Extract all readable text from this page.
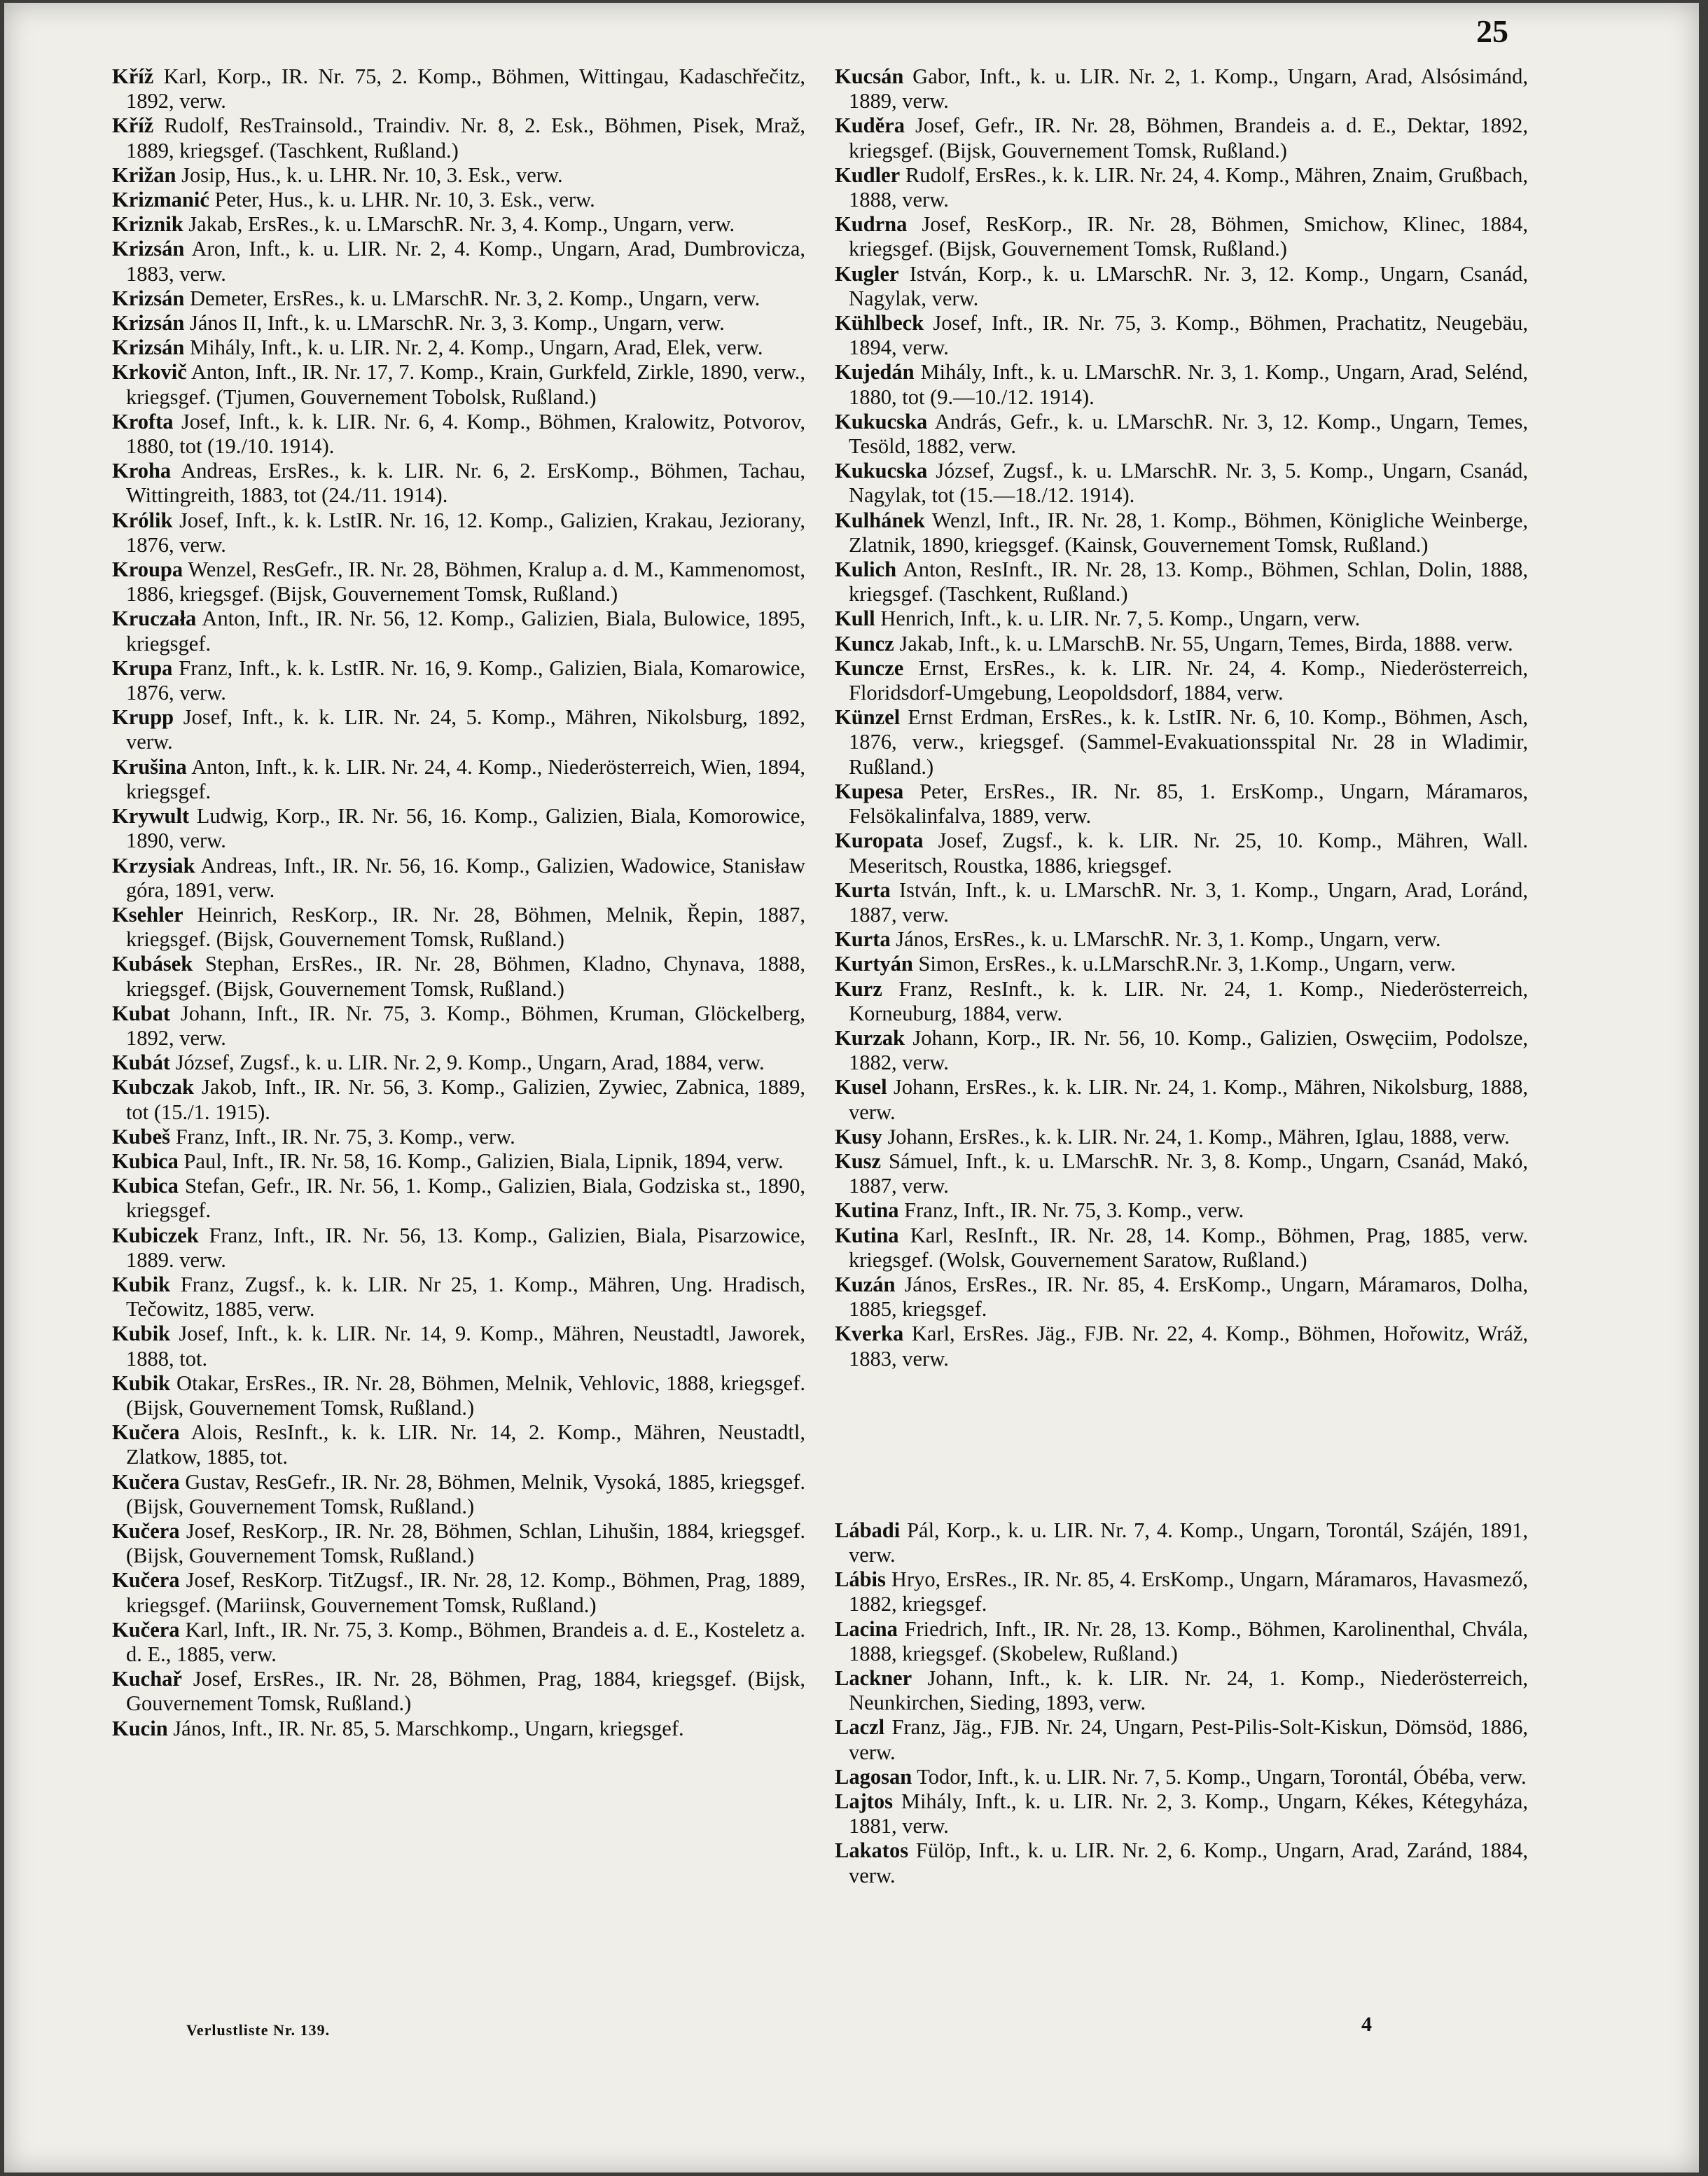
25

Kříž Karl, Korp., IR. Nr. 75, 2. Komp., Böhmen, Wittingau, Kadaschřečitz, 1892, verw.

Kříž Rudolf, ResTrainsold., Traindiv. Nr. 8, 2. Esk., Böhmen, Pisek, Mraž, 1889, kriegsgef. (Taschkent, Rußland.)

Križan Josip, Hus., k. u. LHR. Nr. 10, 3. Esk., verw.

Krizmanić Peter, Hus., k. u. LHR. Nr. 10, 3. Esk., verw.

Kriznik Jakab, ErsRes., k. u. LMarschR. Nr. 3, 4. Komp., Ungarn, verw.

Krizsán Aron, Inft., k. u. LIR. Nr. 2, 4. Komp., Ungarn, Arad, Dumbrovicza, 1883, verw.

Krizsán Demeter, ErsRes., k. u. LMarschR. Nr. 3, 2. Komp., Ungarn, verw.

Krizsán János II, Inft., k. u. LMarschR. Nr. 3, 3. Komp., Ungarn, verw.

Krizsán Mihály, Inft., k. u. LIR. Nr. 2, 4. Komp., Ungarn, Arad, Elek, verw.

Krkovič Anton, Inft., IR. Nr. 17, 7. Komp., Krain, Gurkfeld, Zirkle, 1890, verw., kriegsgef. (Tjumen, Gouvernement Tobolsk, Rußland.)

Krofta Josef, Inft., k. k. LIR. Nr. 6, 4. Komp., Böhmen, Kralowitz, Potvorov, 1880, tot (19./10. 1914).

Kroha Andreas, ErsRes., k. k. LIR. Nr. 6, 2. ErsKomp., Böhmen, Tachau, Wittingreith, 1883, tot (24./11. 1914).

Królik Josef, Inft., k. k. LstIR. Nr. 16, 12. Komp., Galizien, Krakau, Jeziorany, 1876, verw.

Kroupa Wenzel, ResGefr., IR. Nr. 28, Böhmen, Kralup a. d. M., Kammenomost, 1886, kriegsgef. (Bijsk, Gouvernement Tomsk, Rußland.)

Kruczała Anton, Inft., IR. Nr. 56, 12. Komp., Galizien, Biala, Bulowice, 1895, kriegsgef.

Krupa Franz, Inft., k. k. LstIR. Nr. 16, 9. Komp., Galizien, Biala, Komarowice, 1876, verw.

Krupp Josef, Inft., k. k. LIR. Nr. 24, 5. Komp., Mähren, Nikolsburg, 1892, verw.

Krušina Anton, Inft., k. k. LIR. Nr. 24, 4. Komp., Niederösterreich, Wien, 1894, kriegsgef.

Krywult Ludwig, Korp., IR. Nr. 56, 16. Komp., Galizien, Biala, Komorowice, 1890, verw.

Krzysiak Andreas, Inft., IR. Nr. 56, 16. Komp., Galizien, Wadowice, Stanisław góra, 1891, verw.

Ksehler Heinrich, ResKorp., IR. Nr. 28, Böhmen, Melnik, Řepin, 1887, kriegsgef. (Bijsk, Gouvernement Tomsk, Rußland.)

Kubásek Stephan, ErsRes., IR. Nr. 28, Böhmen, Kladno, Chynava, 1888, kriegsgef. (Bijsk, Gouvernement Tomsk, Rußland.)

Kubat Johann, Inft., IR. Nr. 75, 3. Komp., Böhmen, Kruman, Glöckelberg, 1892, verw.

Kubát József, Zugsf., k. u. LIR. Nr. 2, 9. Komp., Ungarn, Arad, 1884, verw.

Kubczak Jakob, Inft., IR. Nr. 56, 3. Komp., Galizien, Zywiec, Zabnica, 1889, tot (15./1. 1915).

Kubeš Franz, Inft., IR. Nr. 75, 3. Komp., verw.

Kubica Paul, Inft., IR. Nr. 58, 16. Komp., Galizien, Biala, Lipnik, 1894, verw.

Kubica Stefan, Gefr., IR. Nr. 56, 1. Komp., Galizien, Biala, Godziska st., 1890, kriegsgef.

Kubiczek Franz, Inft., IR. Nr. 56, 13. Komp., Galizien, Biala, Pisarzowice, 1889. verw.

Kubik Franz, Zugsf., k. k. LIR. Nr 25, 1. Komp., Mähren, Ung. Hradisch, Tečowitz, 1885, verw.

Kubik Josef, Inft., k. k. LIR. Nr. 14, 9. Komp., Mähren, Neustadtl, Jaworek, 1888, tot.

Kubik Otakar, ErsRes., IR. Nr. 28, Böhmen, Melnik, Vehlovic, 1888, kriegsgef. (Bijsk, Gouvernement Tomsk, Rußland.)

Kučera Alois, ResInft., k. k. LIR. Nr. 14, 2. Komp., Mähren, Neustadtl, Zlatkow, 1885, tot.

Kučera Gustav, ResGefr., IR. Nr. 28, Böhmen, Melnik, Vysoká, 1885, kriegsgef. (Bijsk, Gouvernement Tomsk, Rußland.)

Kučera Josef, ResKorp., IR. Nr. 28, Böhmen, Schlan, Lihušin, 1884, kriegsgef. (Bijsk, Gouvernement Tomsk, Rußland.)

Kučera Josef, ResKorp. TitZugsf., IR. Nr. 28, 12. Komp., Böhmen, Prag, 1889, kriegsgef. (Mariinsk, Gouvernement Tomsk, Rußland.)

Kučera Karl, Inft., IR. Nr. 75, 3. Komp., Böhmen, Brandeis a. d. E., Kosteletz a. d. E., 1885, verw.

Kuchař Josef, ErsRes., IR. Nr. 28, Böhmen, Prag, 1884, kriegsgef. (Bijsk, Gouvernement Tomsk, Rußland.)

Kucin János, Inft., IR. Nr. 85, 5. Marschkomp., Ungarn, kriegsgef.

Kucsán Gabor, Inft., k. u. LIR. Nr. 2, 1. Komp., Ungarn, Arad, Alsósimánd, 1889, verw.

Kuděra Josef, Gefr., IR. Nr. 28, Böhmen, Brandeis a. d. E., Dektar, 1892, kriegsgef. (Bijsk, Gouvernement Tomsk, Rußland.)

Kudler Rudolf, ErsRes., k. k. LIR. Nr. 24, 4. Komp., Mähren, Znaim, Grußbach, 1888, verw.

Kudrna Josef, ResKorp., IR. Nr. 28, Böhmen, Smichow, Klinec, 1884, kriegsgef. (Bijsk, Gouvernement Tomsk, Rußland.)

Kugler István, Korp., k. u. LMarschR. Nr. 3, 12. Komp., Ungarn, Csanád, Nagylak, verw.

Kühlbeck Josef, Inft., IR. Nr. 75, 3. Komp., Böhmen, Prachatitz, Neugebäu, 1894, verw.

Kujedán Mihály, Inft., k. u. LMarschR. Nr. 3, 1. Komp., Ungarn, Arad, Selénd, 1880, tot (9.—10./12. 1914).

Kukucska András, Gefr., k. u. LMarschR. Nr. 3, 12. Komp., Ungarn, Temes, Tesöld, 1882, verw.

Kukucska József, Zugsf., k. u. LMarschR. Nr. 3, 5. Komp., Ungarn, Csanád, Nagylak, tot (15.—18./12. 1914).

Kulhánek Wenzl, Inft., IR. Nr. 28, 1. Komp., Böhmen, Königliche Weinberge, Zlatnik, 1890, kriegsgef. (Kainsk, Gouvernement Tomsk, Rußland.)

Kulich Anton, ResInft., IR. Nr. 28, 13. Komp., Böhmen, Schlan, Dolin, 1888, kriegsgef. (Taschkent, Rußland.)

Kull Henrich, Inft., k. u. LIR. Nr. 7, 5. Komp., Ungarn, verw.

Kuncz Jakab, Inft., k. u. LMarschB. Nr. 55, Ungarn, Temes, Birda, 1888. verw.

Kuncze Ernst, ErsRes., k. k. LIR. Nr. 24, 4. Komp., Niederösterreich, Floridsdorf-Umgebung, Leopoldsdorf, 1884, verw.

Künzel Ernst Erdman, ErsRes., k. k. LstIR. Nr. 6, 10. Komp., Böhmen, Asch, 1876, verw., kriegsgef. (Sammel-Evakuationsspital Nr. 28 in Wladimir, Rußland.)

Kupesa Peter, ErsRes., IR. Nr. 85, 1. ErsKomp., Ungarn, Máramaros, Felsökalinfalva, 1889, verw.

Kuropata Josef, Zugsf., k. k. LIR. Nr. 25, 10. Komp., Mähren, Wall. Meseritsch, Roustka, 1886, kriegsgef.

Kurta István, Inft., k. u. LMarschR. Nr. 3, 1. Komp., Ungarn, Arad, Loránd, 1887, verw.

Kurta János, ErsRes., k. u. LMarschR. Nr. 3, 1. Komp., Ungarn, verw.

Kurtyán Simon, ErsRes., k. u.LMarschR.Nr. 3, 1.Komp., Ungarn, verw.

Kurz Franz, ResInft., k. k. LIR. Nr. 24, 1. Komp., Niederösterreich, Korneuburg, 1884, verw.

Kurzak Johann, Korp., IR. Nr. 56, 10. Komp., Galizien, Oswęciim, Podolsze, 1882, verw.

Kusel Johann, ErsRes., k. k. LIR. Nr. 24, 1. Komp., Mähren, Nikolsburg, 1888, verw.

Kusy Johann, ErsRes., k. k. LIR. Nr. 24, 1. Komp., Mähren, Iglau, 1888, verw.

Kusz Sámuel, Inft., k. u. LMarschR. Nr. 3, 8. Komp., Ungarn, Csanád, Makó, 1887, verw.

Kutina Franz, Inft., IR. Nr. 75, 3. Komp., verw.

Kutina Karl, ResInft., IR. Nr. 28, 14. Komp., Böhmen, Prag, 1885, verw. kriegsgef. (Wolsk, Gouvernement Saratow, Rußland.)

Kuzán János, ErsRes., IR. Nr. 85, 4. ErsKomp., Ungarn, Máramaros, Dolha, 1885, kriegsgef.

Kverka Karl, ErsRes. Jäg., FJB. Nr. 22, 4. Komp., Böhmen, Hořowitz, Wráž, 1883, verw.

Lábadi Pál, Korp., k. u. LIR. Nr. 7, 4. Komp., Ungarn, Torontál, Szájén, 1891, verw.

Lábis Hryo, ErsRes., IR. Nr. 85, 4. ErsKomp., Ungarn, Máramaros, Havasmező, 1882, kriegsgef.

Lacina Friedrich, Inft., IR. Nr. 28, 13. Komp., Böhmen, Karolinenthal, Chvála, 1888, kriegsgef. (Skobelew, Rußland.)

Lackner Johann, Inft., k. k. LIR. Nr. 24, 1. Komp., Niederösterreich, Neunkirchen, Sieding, 1893, verw.

Laczl Franz, Jäg., FJB. Nr. 24, Ungarn, Pest-Pilis-Solt-Kiskun, Dömsöd, 1886, verw.

Lagosan Todor, Inft., k. u. LIR. Nr. 7, 5. Komp., Ungarn, Torontál, Óbéba, verw.

Lajtos Mihály, Inft., k. u. LIR. Nr. 2, 3. Komp., Ungarn, Kékes, Kétegyháza, 1881, verw.

Lakatos Fülöp, Inft., k. u. LIR. Nr. 2, 6. Komp., Ungarn, Arad, Zaránd, 1884, verw.

Verlustliste Nr. 139.	4
